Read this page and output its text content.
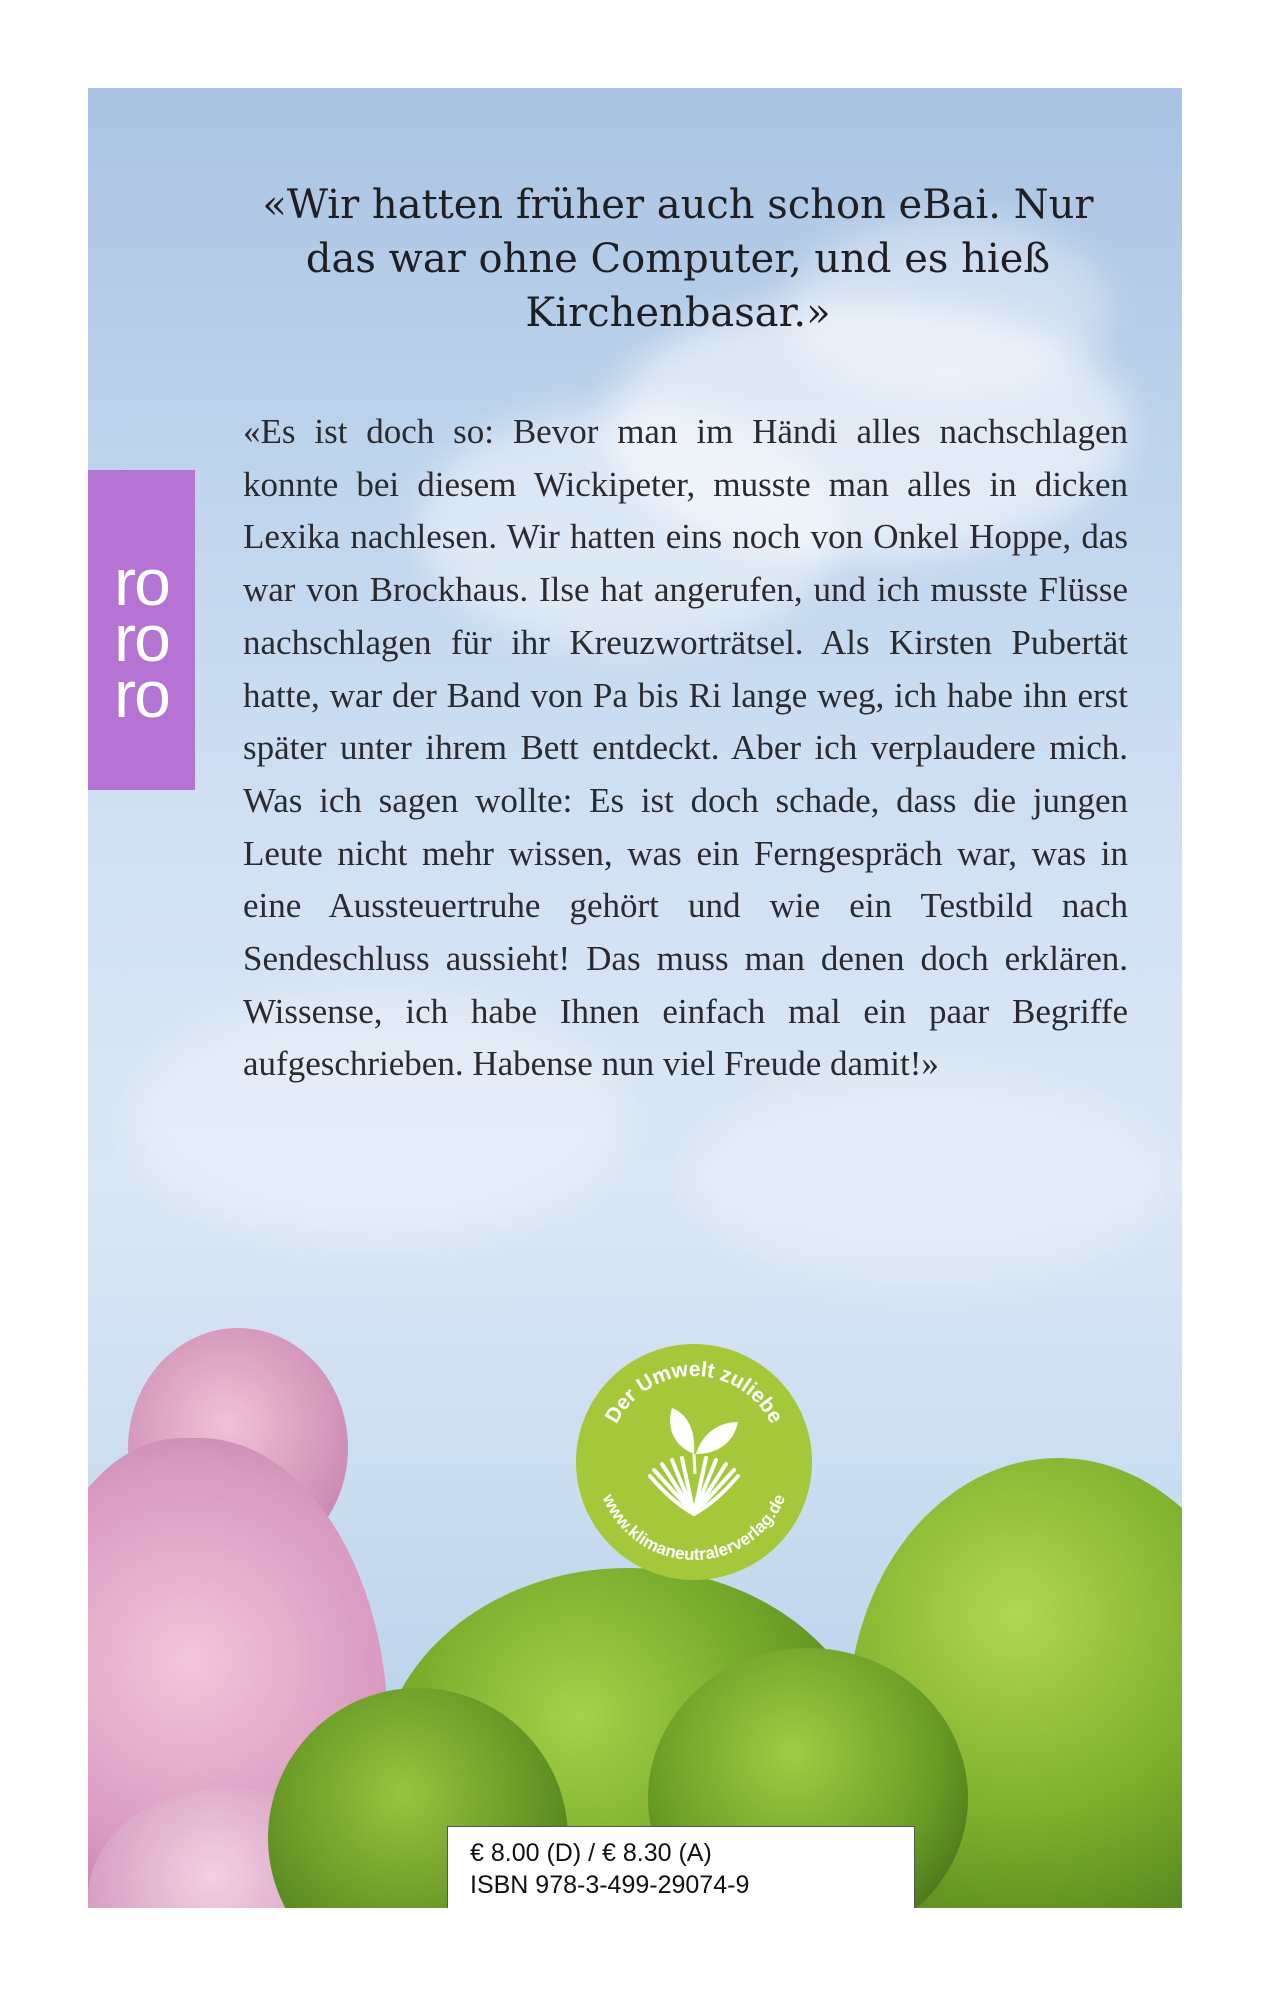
ro
ro
ro

«Wir hatten früher auch schon eBai. Nur das war ohne Computer, und es hieß Kirchenbasar.»

«Es ist doch so: Bevor man im Händi alles nachschlagen konnte bei diesem Wickipeter, musste man alles in dicken Lexika nachlesen. Wir hatten eins noch von Onkel Hoppe, das war von Brockhaus. Ilse hat angerufen, und ich musste Flüsse nachschlagen für ihr Kreuzworträtsel. Als Kirsten Pubertät hatte, war der Band von Pa bis Ri lange weg, ich habe ihn erst später unter ihrem Bett entdeckt. Aber ich verplaudere mich. Was ich sagen wollte: Es ist doch schade, dass die jungen Leute nicht mehr wissen, was ein Ferngespräch war, was in eine Aussteuertruhe gehört und wie ein Testbild nach Sendeschluss aussieht! Das muss man denen doch erklären. Wissense, ich habe Ihnen einfach mal ein paar Begriffe aufgeschrieben. Habense nun viel Freude damit!»

Der Umwelt zuliebe
www.klimaneutralerverlag.de
€ 8.00 (D) / € 8.30 (A)
ISBN 978-3-499-29074-9
